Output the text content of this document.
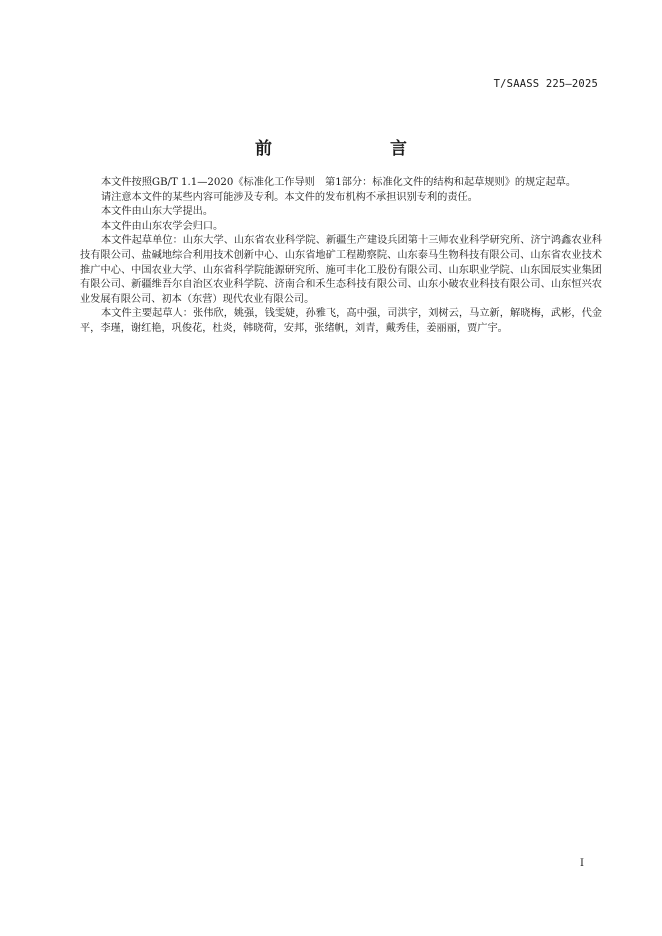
T/SAASS 225—2025
前　　言

本文件按照GB/T 1.1—2020《标准化工作导则　第1部分：标准化文件的结构和起草规则》的规定起草。

请注意本文件的某些内容可能涉及专利。本文件的发布机构不承担识别专利的责任。

本文件由山东大学提出。

本文件由山东农学会归口。

本文件起草单位：山东大学、山东省农业科学院、新疆生产建设兵团第十三师农业科学研究所、济宁鸿鑫农业科技有限公司、盐碱地综合利用技术创新中心、山东省地矿工程勘察院、山东泰马生物科技有限公司、山东省农业技术推广中心、中国农业大学、山东省科学院能源研究所、施可丰化工股份有限公司、山东职业学院、山东国辰实业集团有限公司、新疆维吾尔自治区农业科学院、济南合和禾生态科技有限公司、山东小破农业科技有限公司、山东恒兴农业发展有限公司、初本（东营）现代农业有限公司。

本文件主要起草人：张伟欣，姚强，钱雯婕，孙雅飞，高中强，司洪宇，刘树云，马立新，解晓梅，武彬，代金平，李瑾，谢红艳，巩俊花，杜炎，韩晓荷，安邦，张绪帆，刘青，戴秀佳，姜丽丽，贾广宇。

I
